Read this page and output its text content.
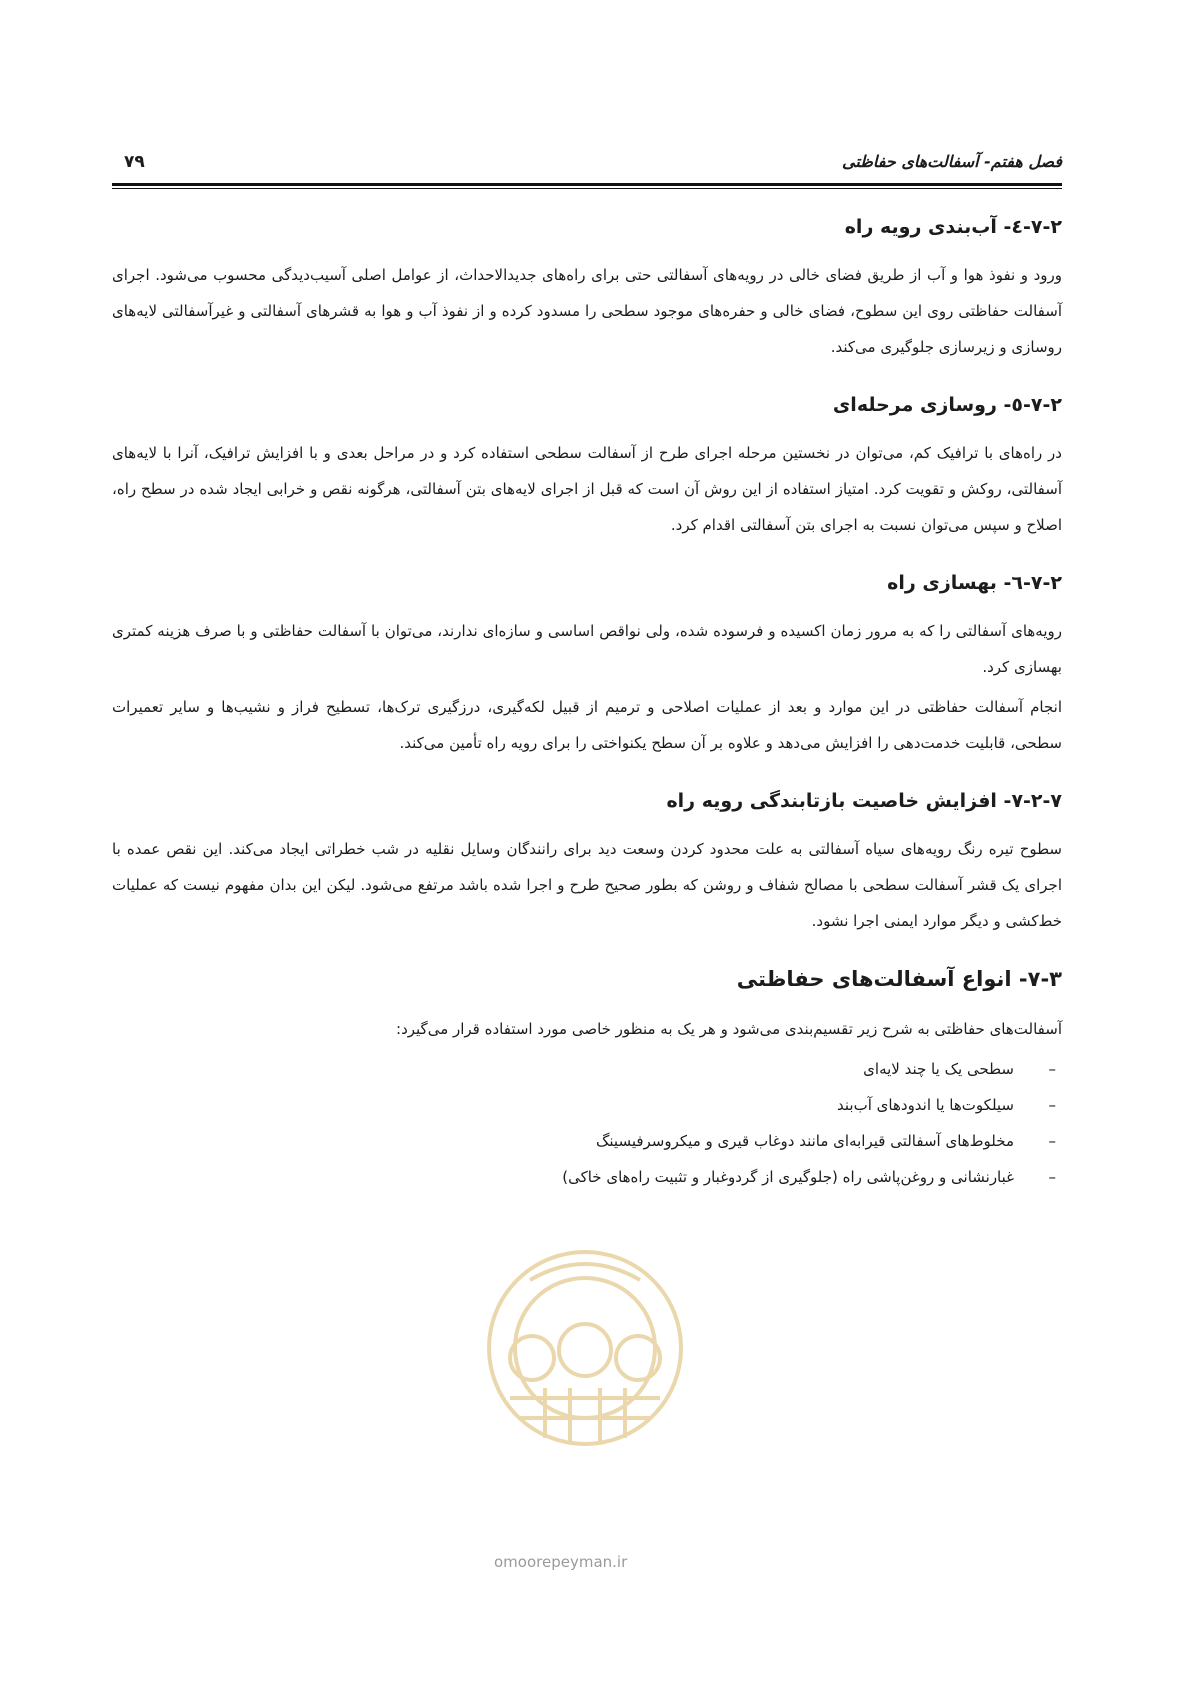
فصل هفتم- آسفالت‌های حفاظتی
۷۹
۷-۲-٤- آب‌بندی رویه راه

ورود و نفوذ هوا و آب از طریق فضای خالی در رویه‌های آسفالتی حتی برای راه‌های جدیدالاحداث، از عوامل اصلی آسیب‌دیدگی محسوب می‌شود. اجرای آسفالت حفاظتی روی این سطوح، فضای خالی و حفره‌های موجود سطحی را مسدود کرده و از نفوذ آب و هوا به قشرهای آسفالتی و غیرآسفالتی لایه‌های روسازی و زیرسازی جلوگیری می‌کند.

۷-۲-٥- روسازی مرحله‌ای

در راه‌های با ترافیک کم، می‌توان در نخستین مرحله اجرای طرح از آسفالت سطحی استفاده کرد و در مراحل بعدی و با افزایش ترافیک، آنرا با لایه‌های آسفالتی، روکش و تقویت کرد. امتیاز استفاده از این روش آن است که قبل از اجرای لایه‌های بتن آسفالتی، هرگونه نقص و خرابی ایجاد شده در سطح راه، اصلاح و سپس می‌توان نسبت به اجرای بتن آسفالتی اقدام کرد.

۷-۲-٦- بهسازی راه

رویه‌های آسفالتی را که به مرور زمان اکسیده و فرسوده شده، ولی نواقص اساسی و سازه‌ای ندارند، می‌توان با آسفالت حفاظتی و با صرف هزینه کمتری بهسازی کرد.

انجام آسفالت حفاظتی در این موارد و بعد از عملیات اصلاحی و ترمیم از قبیل لکه‌گیری، درزگیری ترک‌ها، تسطیح فراز و نشیب‌ها و سایر تعمیرات سطحی، قابلیت خدمت‌دهی را افزایش می‌دهد و علاوه بر آن سطح یکنواختی را برای رویه راه تأمین می‌کند.

۷-۲-۷- افزایش خاصیت بازتابندگی رویه راه

سطوح تیره رنگ رویه‌های سیاه آسفالتی به علت محدود کردن وسعت دید برای رانندگان وسایل نقلیه در شب خطراتی ایجاد می‌کند. این نقص عمده با اجرای یک قشر آسفالت سطحی با مصالح شفاف و روشن که بطور صحیح طرح و اجرا شده باشد مرتفع می‌شود. لیکن این بدان مفهوم نیست که عملیات خط‌کشی و دیگر موارد ایمنی اجرا نشود.

۷-۳- انواع آسفالت‌های حفاظتی

آسفالت‌های حفاظتی به شرح زیر تقسیم‌بندی می‌شود و هر یک به منظور خاصی مورد استفاده قرار می‌گیرد:

–
سطحی یک یا چند لایه‌ای
–
سیلکوت‌ها یا اندودهای آب‌بند
–
مخلوط‌های آسفالتی قیرابه‌ای مانند دوغاب قیری و میکروسرفیسینگ
–
غبارنشانی و روغن‌پاشی راه (جلوگیری از گردوغبار و تثبیت راه‌های خاکی)
omoorepeyman.ir
